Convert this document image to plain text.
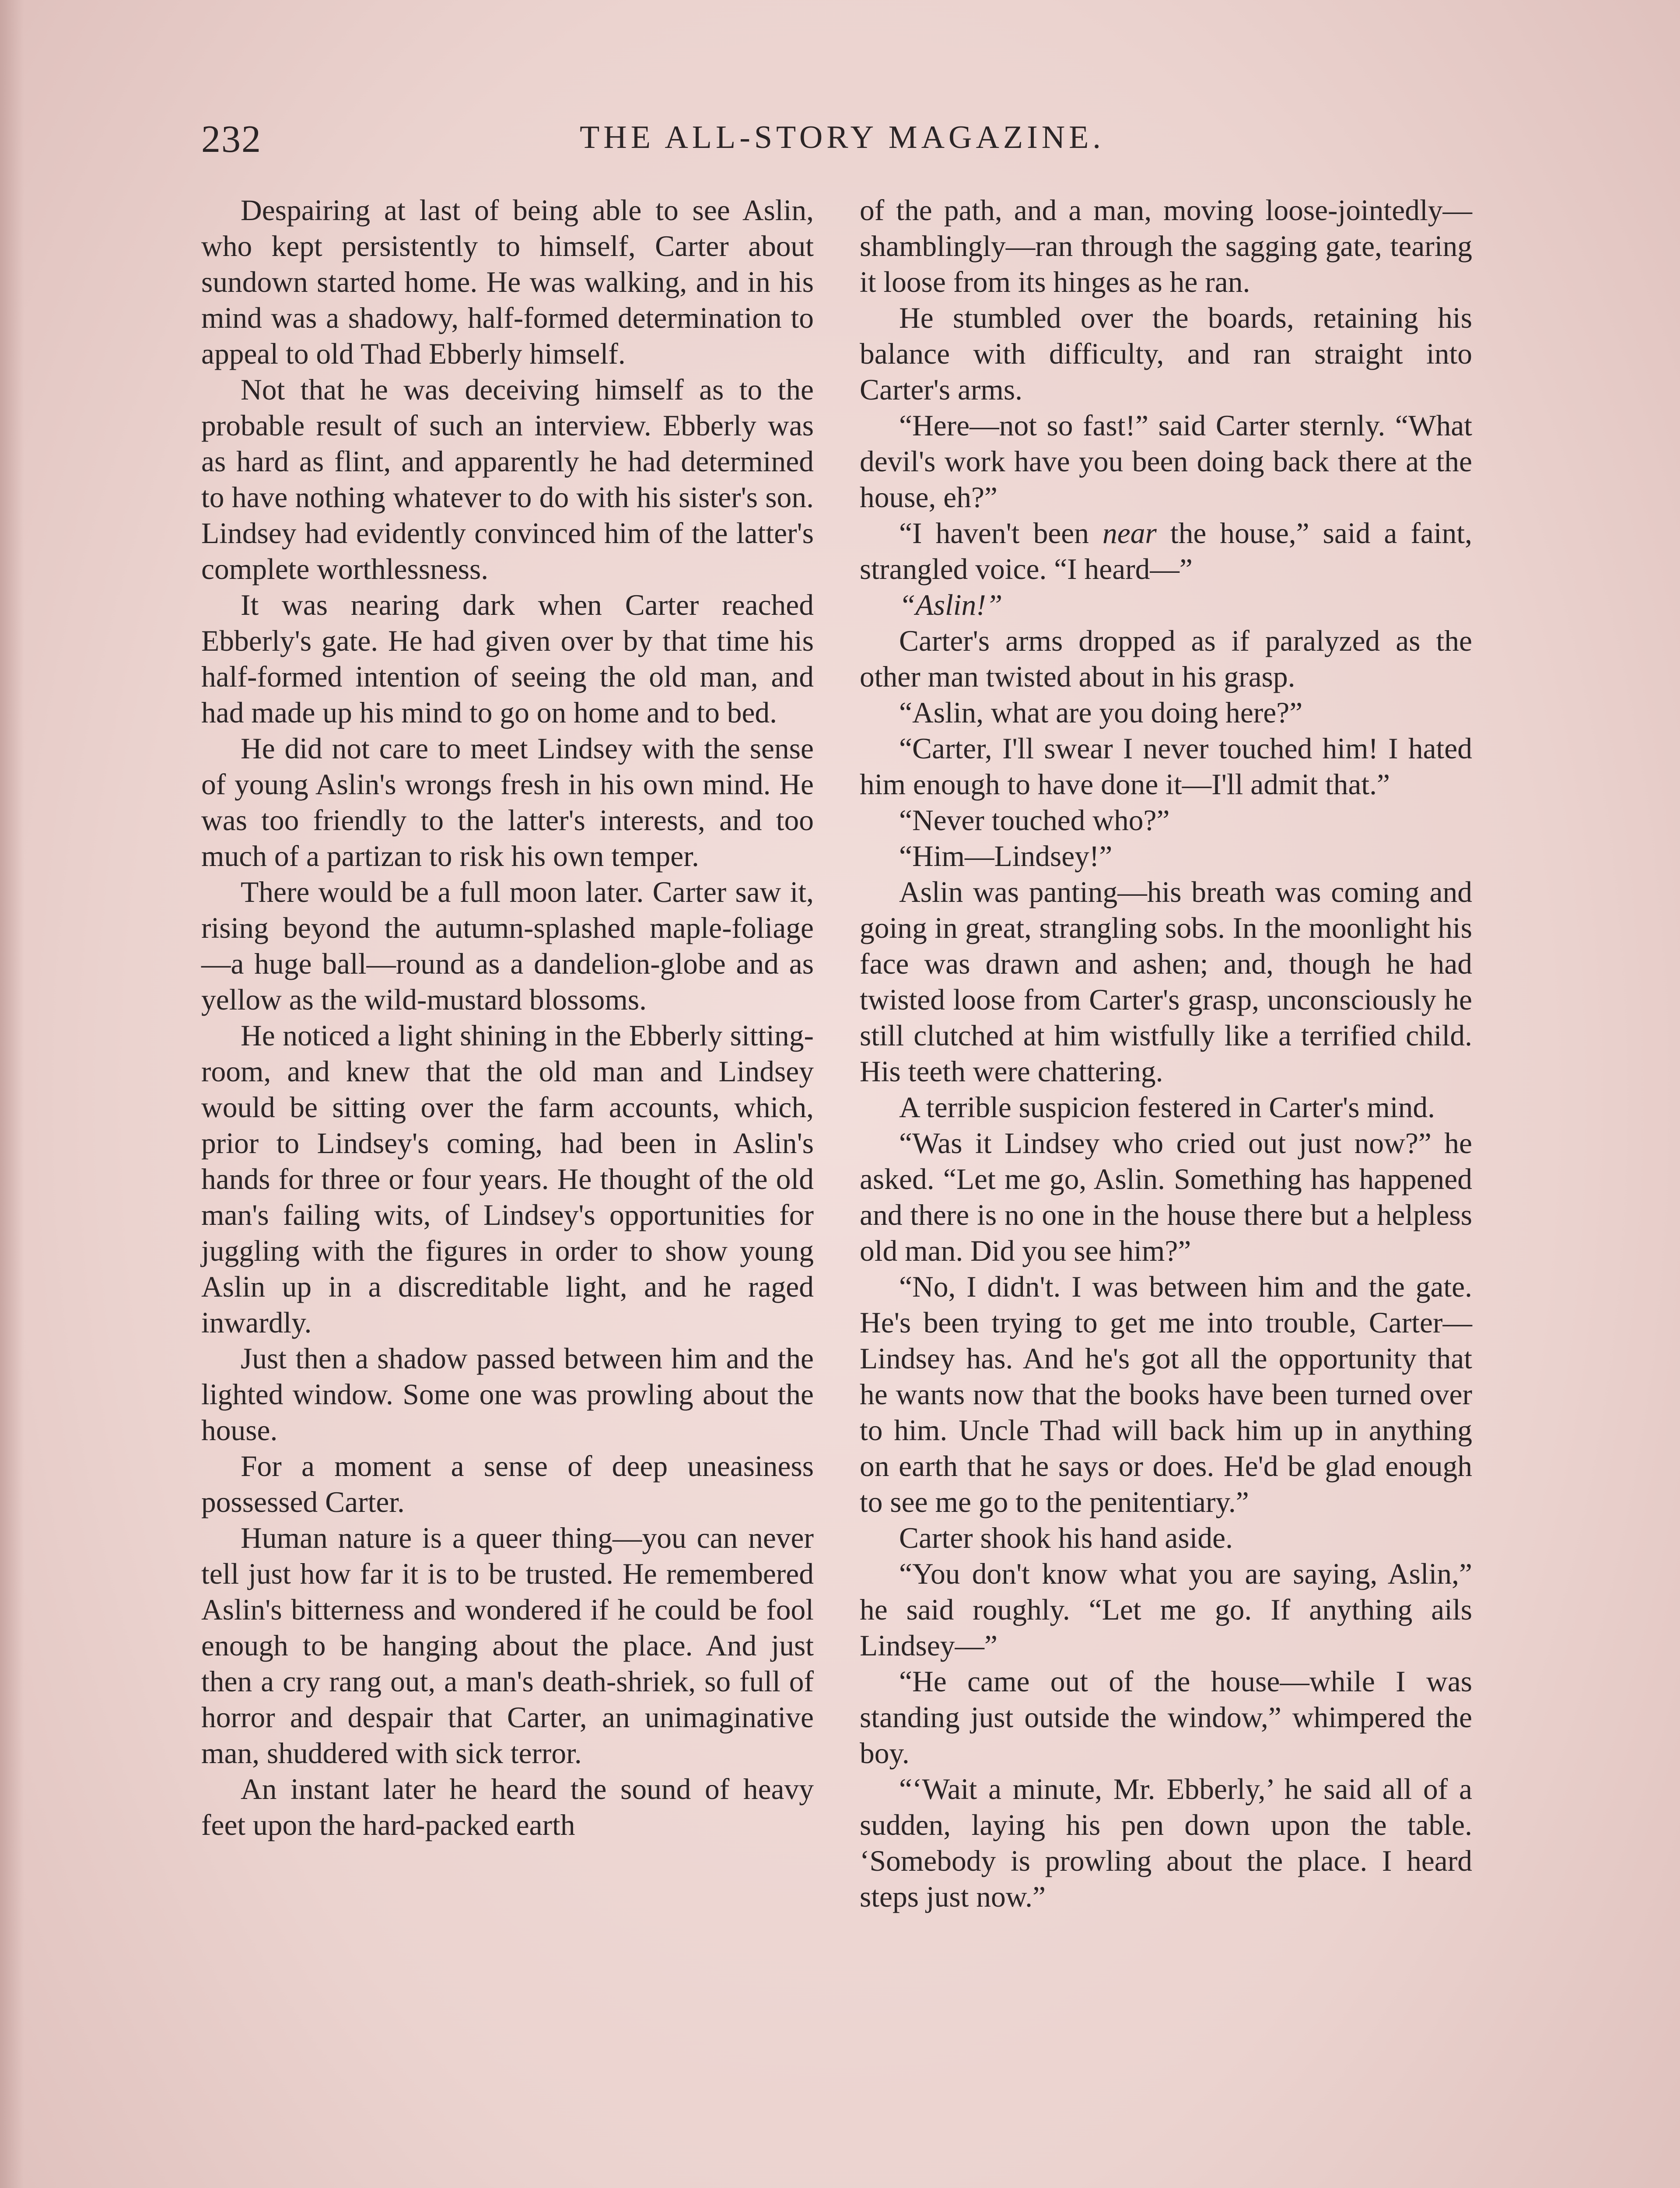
232	THE ALL-STORY MAGAZINE.

Despairing at last of being able to see Aslin, who kept persistently to himself, Carter about sundown started home. He was walking, and in his mind was a shadowy, half-formed determination to appeal to old Thad Ebberly himself.

Not that he was deceiving himself as to the probable result of such an interview. Ebberly was as hard as flint, and apparently he had determined to have nothing whatever to do with his sister's son. Lindsey had evidently convinced him of the latter's complete worthlessness.

It was nearing dark when Carter reached Ebberly's gate. He had given over by that time his half-formed intention of seeing the old man, and had made up his mind to go on home and to bed.

He did not care to meet Lindsey with the sense of young Aslin's wrongs fresh in his own mind. He was too friendly to the latter's interests, and too much of a partizan to risk his own temper.

There would be a full moon later. Carter saw it, rising beyond the autumn-splashed maple-foliage—a huge ball—round as a dandelion-globe and as yellow as the wild-mustard blossoms.

He noticed a light shining in the Ebberly sitting-room, and knew that the old man and Lindsey would be sitting over the farm accounts, which, prior to Lindsey's coming, had been in Aslin's hands for three or four years. He thought of the old man's failing wits, of Lindsey's opportunities for juggling with the figures in order to show young Aslin up in a discreditable light, and he raged inwardly.

Just then a shadow passed between him and the lighted window. Some one was prowling about the house.

For a moment a sense of deep uneasiness possessed Carter.

Human nature is a queer thing—you can never tell just how far it is to be trusted. He remembered Aslin's bitterness and wondered if he could be fool enough to be hanging about the place. And just then a cry rang out, a man's death-shriek, so full of horror and despair that Carter, an unimaginative man, shuddered with sick terror.

An instant later he heard the sound of heavy feet upon the hard-packed earth

of the path, and a man, moving loose-jointedly—shamblingly—ran through the sagging gate, tearing it loose from its hinges as he ran.

He stumbled over the boards, retaining his balance with difficulty, and ran straight into Carter's arms.

“Here—not so fast!” said Carter sternly. “What devil's work have you been doing back there at the house, eh?”

“I haven't been near the house,” said a faint, strangled voice. “I heard—”

“Aslin!”

Carter's arms dropped as if paralyzed as the other man twisted about in his grasp.

“Aslin, what are you doing here?”

“Carter, I'll swear I never touched him! I hated him enough to have done it—I'll admit that.”

“Never touched who?”

“Him—Lindsey!”

Aslin was panting—his breath was coming and going in great, strangling sobs. In the moonlight his face was drawn and ashen; and, though he had twisted loose from Carter's grasp, unconsciously he still clutched at him wistfully like a terrified child. His teeth were chattering.

A terrible suspicion festered in Carter's mind.

“Was it Lindsey who cried out just now?” he asked. “Let me go, Aslin. Something has happened and there is no one in the house there but a helpless old man. Did you see him?”

“No, I didn't. I was between him and the gate. He's been trying to get me into trouble, Carter—Lindsey has. And he's got all the opportunity that he wants now that the books have been turned over to him. Uncle Thad will back him up in anything on earth that he says or does. He'd be glad enough to see me go to the penitentiary.”

Carter shook his hand aside.

“You don't know what you are saying, Aslin,” he said roughly. “Let me go. If anything ails Lindsey—”

“He came out of the house—while I was standing just outside the window,” whimpered the boy.

“‘Wait a minute, Mr. Ebberly,’ he said all of a sudden, laying his pen down upon the table. ‘Somebody is prowling about the place. I heard steps just now.”
